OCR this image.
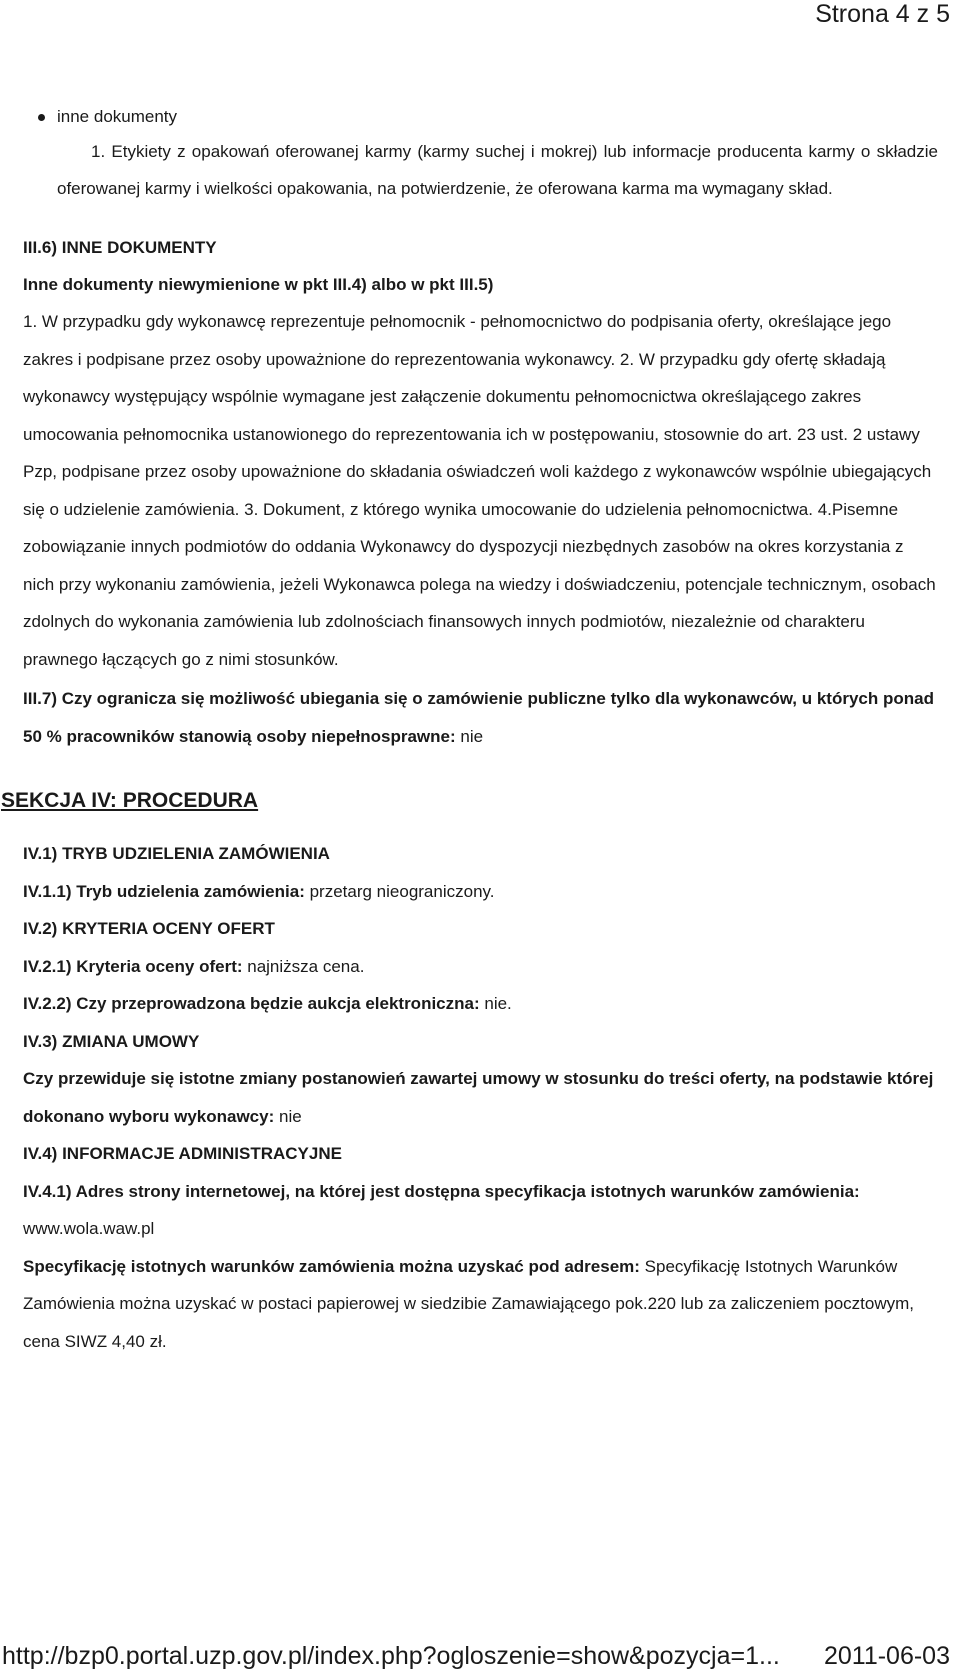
Strona 4 z 5
inne dokumenty
1. Etykiety z opakowań oferowanej karmy (karmy suchej i mokrej) lub informacje producenta karmy o składzie oferowanej karmy i wielkości opakowania, na potwierdzenie, że oferowana karma ma wymagany skład.
III.6) INNE DOKUMENTY
Inne dokumenty niewymienione w pkt III.4) albo w pkt III.5)
1. W przypadku gdy wykonawcę reprezentuje pełnomocnik - pełnomocnictwo do podpisania oferty, określające jego zakres i podpisane przez osoby upoważnione do reprezentowania wykonawcy. 2. W przypadku gdy ofertę składają wykonawcy występujący wspólnie wymagane jest załączenie dokumentu pełnomocnictwa określającego zakres umocowania pełnomocnika ustanowionego do reprezentowania ich w postępowaniu, stosownie do art. 23 ust. 2 ustawy Pzp, podpisane przez osoby upoważnione do składania oświadczeń woli każdego z wykonawców wspólnie ubiegających się o udzielenie zamówienia. 3. Dokument, z którego wynika umocowanie do udzielenia pełnomocnictwa. 4.Pisemne zobowiązanie innych podmiotów do oddania Wykonawcy do dyspozycji niezbędnych zasobów na okres korzystania z nich przy wykonaniu zamówienia, jeżeli Wykonawca polega na wiedzy i doświadczeniu, potencjale technicznym, osobach zdolnych do wykonania zamówienia lub zdolnościach finansowych innych podmiotów, niezależnie od charakteru prawnego łączących go z nimi stosunków.
III.7) Czy ogranicza się możliwość ubiegania się o zamówienie publiczne tylko dla wykonawców, u których ponad 50 % pracowników stanowią osoby niepełnosprawne: nie
SEKCJA IV: PROCEDURA
IV.1) TRYB UDZIELENIA ZAMÓWIENIA
IV.1.1) Tryb udzielenia zamówienia: przetarg nieograniczony.
IV.2) KRYTERIA OCENY OFERT
IV.2.1) Kryteria oceny ofert: najniższa cena.
IV.2.2) Czy przeprowadzona będzie aukcja elektroniczna: nie.
IV.3) ZMIANA UMOWY
Czy przewiduje się istotne zmiany postanowień zawartej umowy w stosunku do treści oferty, na podstawie której dokonano wyboru wykonawcy: nie
IV.4) INFORMACJE ADMINISTRACYJNE
IV.4.1) Adres strony internetowej, na której jest dostępna specyfikacja istotnych warunków zamówienia: www.wola.waw.pl
Specyfikację istotnych warunków zamówienia można uzyskać pod adresem: Specyfikację Istotnych Warunków Zamówienia można uzyskać w postaci papierowej w siedzibie Zamawiającego pok.220 lub za zaliczeniem pocztowym, cena SIWZ 4,40 zł.
http://bzp0.portal.uzp.gov.pl/index.php?ogloszenie=show&pozycja=1... 2011-06-03
